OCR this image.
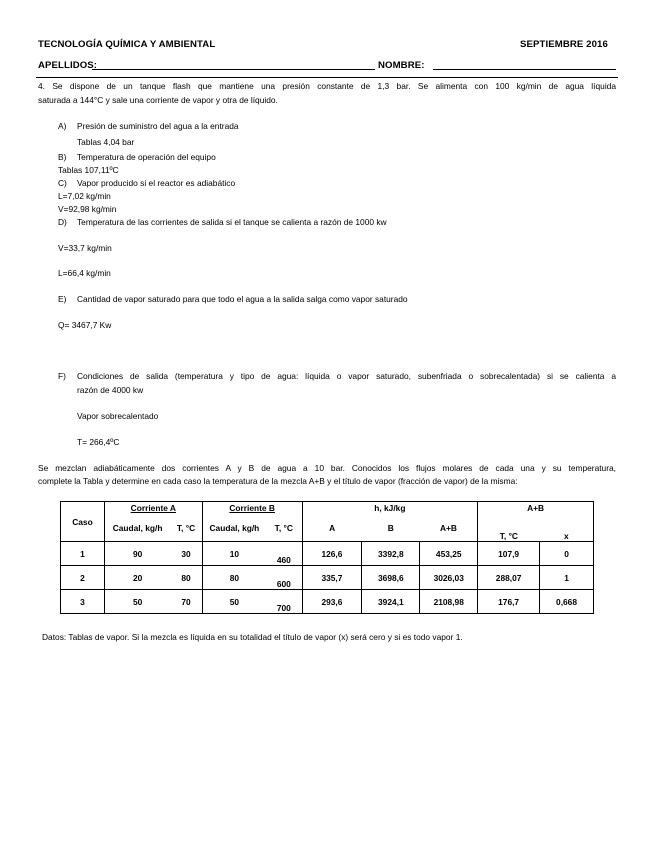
TECNOLOGÍA QUÍMICA Y AMBIENTAL	SEPTIEMBRE 2016
APELLIDOS:	NOMBRE:
4. Se dispone de un tanque flash que mantiene una presión constante de 1,3 bar. Se alimenta con 100 kg/min de agua líquida
saturada a 144°C y sale una corriente de vapor y otra de líquido.
A) Presión de suministro del agua a la entrada
Tablas 4,04 bar
B) Temperatura de operación del equipo
Tablas 107,11ºC
C) Vapor producido si el reactor es adiabático
L=7,02 kg/min
V=92,98 kg/min
D) Temperatura de las corrientes de salida si el tanque se calienta a razón de 1000 kw
V=33,7 kg/min
L=66,4 kg/min
E) Cantidad de vapor saturado para que todo el agua a la salida salga como vapor saturado
Q= 3467,7 Kw
F) Condiciones de salida (temperatura y tipo de agua: líquida o vapor saturado, subenfriada o sobrecalentada) si se calienta a
razón de 4000 kw
Vapor sobrecalentado
T= 266,4ºC
Se mezclan adiabáticamente dos corrientes A y B de agua a 10 bar. Conocidos los flujos molares de cada una y su temperatura,
complete la Tabla y determine en cada caso la temperatura de la mezcla A+B y el título de vapor (fracción de vapor) de la misma:
Caso	Corriente A		Corriente B		h, kJ/kg			A+B	
	Caudal, kg/h	T, °C	Caudal, kg/h	T, °C	A	B	A+B	T, °C	x
1	90	30	10	460	126,6	3392,8	453,25	107,9	0
2	20	80	80	600	335,7	3698,6	3026,03	288,07	1
3	50	70	50	700	293,6	3924,1	2108,98	176,7	0,668
Datos: Tablas de vapor. Si la mezcla es líquida en su totalidad el título de vapor (x) será cero y si es todo vapor 1.
